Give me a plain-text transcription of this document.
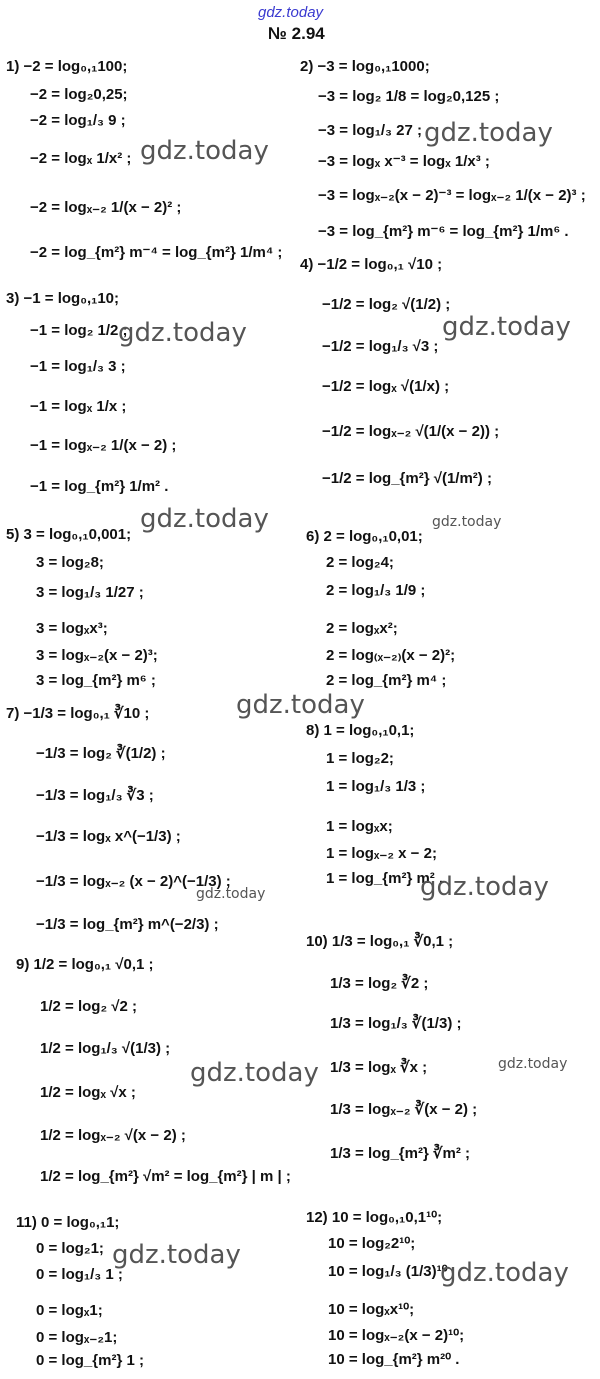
gdz.today
№ 2.94
1) −2 = log₀,₁100;
−2 = log₂0,25;
−2 = log₁/₃ 9 ;
−2 = logₓ 1/x² ;
−2 = logₓ₋₂ 1/(x − 2)² ;
−2 = log_{m²} m⁻⁴ = log_{m²} 1/m⁴ ;
3) −1 = log₀,₁10;
−1 = log₂ 1/2 ;
−1 = log₁/₃ 3 ;
−1 = logₓ 1/x ;
−1 = logₓ₋₂ 1/(x − 2) ;
−1 = log_{m²} 1/m² .
5) 3 = log₀,₁0,001;
3 = log₂8;
3 = log₁/₃ 1/27 ;
3 = logₓx³;
3 = logₓ₋₂(x − 2)³;
3 = log_{m²} m⁶ ;
7) −1/3 = log₀,₁ ∛10 ;
−1/3 = log₂ ∛(1/2) ;
−1/3 = log₁/₃ ∛3 ;
−1/3 = logₓ x^(−1/3) ;
−1/3 = logₓ₋₂ (x − 2)^(−1/3) ;
−1/3 = log_{m²} m^(−2/3) ;
9) 1/2 = log₀,₁ √0,1 ;
1/2 = log₂ √2 ;
1/2 = log₁/₃ √(1/3) ;
1/2 = logₓ √x ;
1/2 = logₓ₋₂ √(x − 2) ;
1/2 = log_{m²} √m² = log_{m²} | m | ;
11) 0 = log₀,₁1;
0 = log₂1;
0 = log₁/₃ 1 ;
0 = logₓ1;
0 = logₓ₋₂1;
0 = log_{m²} 1 ;
2) −3 = log₀,₁1000;
−3 = log₂ 1/8 = log₂0,125 ;
−3 = log₁/₃ 27 ;
−3 = logₓ x⁻³ = logₓ 1/x³ ;
−3 = logₓ₋₂(x − 2)⁻³ = logₓ₋₂ 1/(x − 2)³ ;
−3 = log_{m²} m⁻⁶ = log_{m²} 1/m⁶ .
4) −1/2 = log₀,₁ √10 ;
−1/2 = log₂ √(1/2) ;
−1/2 = log₁/₃ √3 ;
−1/2 = logₓ √(1/x) ;
−1/2 = logₓ₋₂ √(1/(x − 2)) ;
−1/2 = log_{m²} √(1/m²) ;
6) 2 = log₀,₁0,01;
2 = log₂4;
2 = log₁/₃ 1/9 ;
2 = logₓx²;
2 = log₍ₓ₋₂₎(x − 2)²;
2 = log_{m²} m⁴ ;
8) 1 = log₀,₁0,1;
1 = log₂2;
1 = log₁/₃ 1/3 ;
1 = logₓx;
1 = logₓ₋₂ x − 2;
1 = log_{m²} m² .
10) 1/3 = log₀,₁ ∛0,1 ;
1/3 = log₂ ∛2 ;
1/3 = log₁/₃ ∛(1/3) ;
1/3 = logₓ ∛x ;
1/3 = logₓ₋₂ ∛(x − 2) ;
1/3 = log_{m²} ∛m² ;
12) 10 = log₀,₁0,1¹⁰;
10 = log₂2¹⁰;
10 = log₁/₃ (1/3)¹⁰
10 = logₓx¹⁰;
10 = logₓ₋₂(x − 2)¹⁰;
10 = log_{m²} m²⁰ .
gdz.today
gdz.today
gdz.today	gdz.today
gdz.today	gdz.today
gdz.today
gdz.today
gdz.today
gdz.today
gdz.today
gdz.today
gdz.today
